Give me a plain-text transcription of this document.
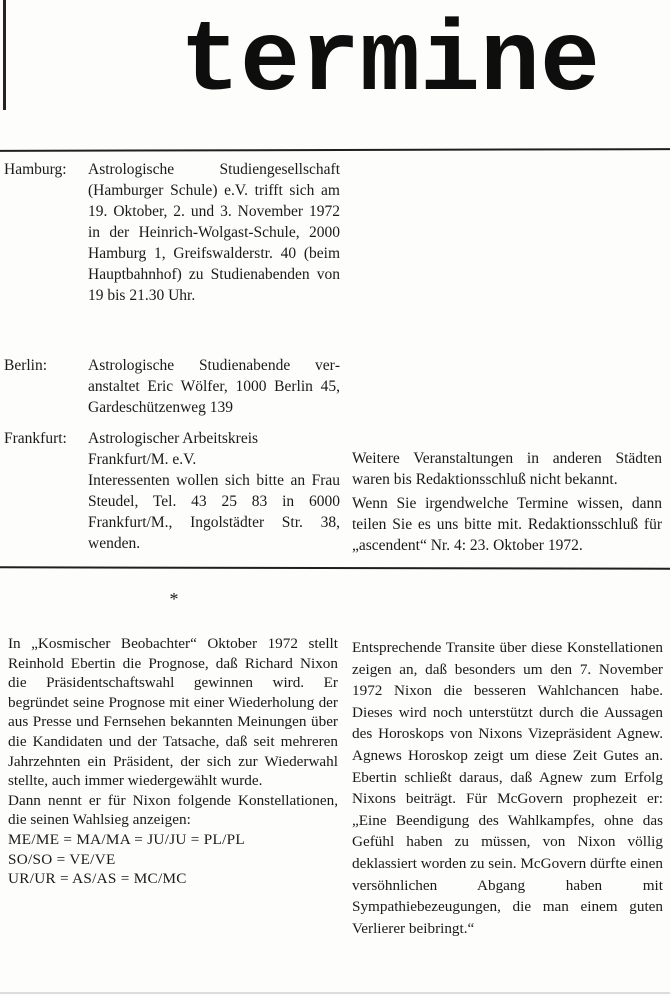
termine
Hamburg:	Astrologische Studiengesellschaft (Hamburger Schule) e.V. trifft sich am 19. Oktober, 2. und 3. November 1972 in der Heinrich-Wolgast-Schule, 2000 Hamburg 1, Greifswalderstr. 40 (beim Hauptbahnhof) zu Studienabenden von 19 bis 21.30 Uhr.

Berlin:	Astrologische Studienabende veranstaltet Eric Wölfer, 1000 Berlin 45, Gardeschützenweg 139

Frankfurt:	Astrologischer Arbeitskreis Frankfurt/M. e.V.

Interessenten wollen sich bitte an Frau Steudel, Tel. 43 25 83 in 6000 Frankfurt/M., Ingolstädter Str. 38, wenden.

Weitere Veranstaltungen in anderen Städten waren bis Redaktionsschluß nicht bekannt.

Wenn Sie irgendwelche Termine wissen, dann teilen Sie es uns bitte mit. Redaktionsschluß für „ascendent“ Nr. 4: 23. Oktober 1972.

*

In „Kosmischer Beobachter“ Oktober 1972 stellt Reinhold Ebertin die Prognose, daß Richard Nixon die Präsidentschaftswahl gewinnen wird. Er begründet seine Prognose mit einer Wiederholung der aus Presse und Fernsehen bekannten Meinungen über die Kandidaten und der Tatsache, daß seit mehreren Jahrzehnten ein Präsident, der sich zur Wiederwahl stellte, auch immer wiedergewählt wurde.

Dann nennt er für Nixon folgende Konstellationen, die seinen Wahlsieg anzeigen:

ME/ME = MA/MA = JU/JU = PL/PL

SO/SO = VE/VE

UR/UR = AS/AS = MC/MC

Entsprechende Transite über diese Konstellationen zeigen an, daß besonders um den 7. November 1972 Nixon die besseren Wahlchancen habe. Dieses wird noch unterstützt durch die Aussagen des Horoskops von Nixons Vizepräsident Agnew. Agnews Horoskop zeigt um diese Zeit Gutes an. Ebertin schließt daraus, daß Agnew zum Erfolg Nixons beiträgt. Für McGovern prophezeit er: „Eine Beendigung des Wahlkampfes, ohne das Gefühl haben zu müssen, von Nixon völlig deklassiert worden zu sein. McGovern dürfte einen versöhnlichen Abgang haben mit Sympathiebezeugungen, die man einem guten Verlierer beibringt.“
